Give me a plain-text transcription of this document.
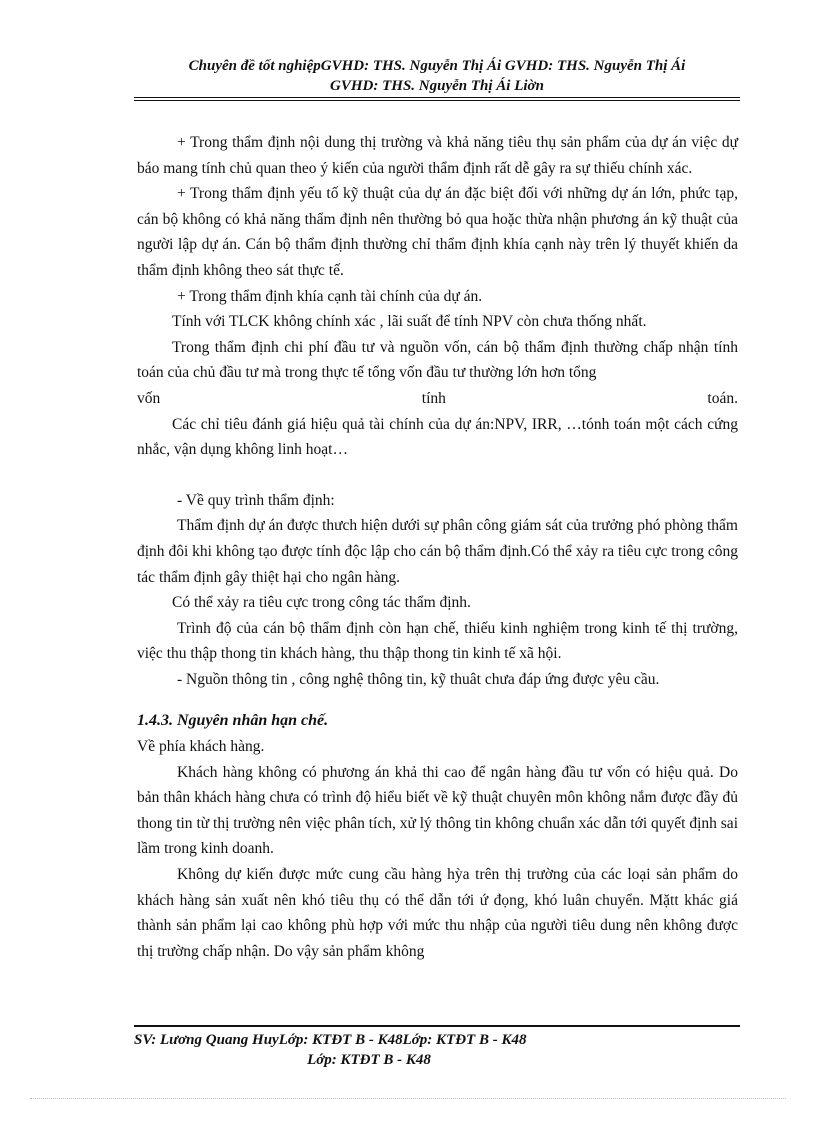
Chuyên đề tốt nghiệpGVHD: THS. Nguyễn Thị Ái GVHD: THS. Nguyễn Thị Ái
GVHD: THS. Nguyễn Thị Ái Liờn

+ Trong thẩm định nội dung thị trường và khả năng tiêu thụ sản phẩm của dự án việc dự báo mang tính chủ quan theo ý kiến của người thẩm định rất dễ gây ra sự thiếu chính xác.

+ Trong thẩm định yếu tố kỹ thuật của dự án đặc biệt đối với những dự án lớn, phức tạp, cán bộ không có khả năng thẩm định nên thường bỏ qua hoặc thừa nhận phương án kỹ thuật của người lập dự án. Cán bộ thẩm định thường chỉ thẩm định khía cạnh này trên lý thuyết khiến da thẩm định không theo sát thực tế.

+ Trong thẩm định khía cạnh tài chính của dự án.

Tính với TLCK không chính xác , lãi suất để tính NPV còn chưa thống nhất.

Trong thẩm định chi phí đầu tư và nguồn vốn, cán bộ thẩm định thường chấp nhận tính toán của chủ đầu tư mà trong thực tế tổng vốn đầu tư thường lớn hơn tổng

vốn tính toán.

Các chỉ tiêu đánh giá hiệu quả tài chính của dự án:NPV, IRR, …tónh toán một cách cứng nhắc, vận dụng không linh hoạt…

- Về quy trình thẩm định:

Thẩm định dự án được thưch hiện dưới sự phân công giám sát của trưởng phó phòng thẩm định đôi khi không tạo được tính độc lập cho cán bộ thẩm định.Có thể xảy ra tiêu cực trong công tác thẩm định gây thiệt hại cho ngân hàng.

Có thể xảy ra tiêu cực trong công tác thẩm định.

Trình độ của cán bộ thẩm định còn hạn chế, thiếu kinh nghiệm trong kinh tế thị trường, việc thu thập thong tin khách hàng, thu thập thong tin kinh tế xã hội.

- Nguồn thông tin , công nghệ thông tin, kỹ thuât chưa đáp ứng được yêu cầu.

1.4.3. Nguyên nhân hạn chế.

Về phía khách hàng.

Khách hàng không có phương án khả thi cao để ngân hàng đầu tư vốn có hiệu quả. Do bản thân khách hàng chưa có trình độ hiểu biết về kỹ thuật chuyên môn không nắm được đầy đủ thong tin từ thị trường nên việc phân tích, xử lý thông tin không chuẩn xác dẫn tới quyết định sai lầm trong kinh doanh.

Không dự kiến được mức cung cầu hàng hỳa trên thị trường của các loại sản phẩm do khách hàng sản xuất nên khó tiêu thụ có thể dẫn tới ứ đọng, khó luân chuyển. Mặtt khác giá thành sản phẩm lại cao không phù hợp với mức thu nhập của người tiêu dung nên không được thị trường chấp nhận. Do vậy sản phẩm không

SV: Lương Quang HuyLớp: KTĐT B - K48Lớp: KTĐT B - K48
Lớp: KTĐT B - K48
